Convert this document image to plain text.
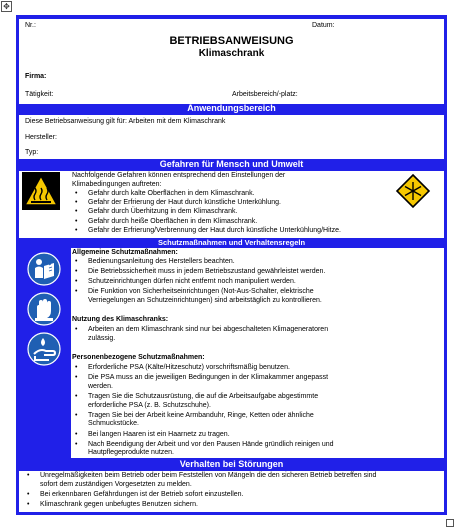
✥
Nr.:	Datum:
BETRIEBSANWEISUNG
Klimaschrank
Firma:
Tätigkeit:	Arbeitsbereich/-platz:
Anwendungsbereich
Diese Betriebsanweisung gilt für: Arbeiten mit dem Klimaschrank
Hersteller:
Typ:
Gefahren für Mensch und Umwelt
Nachfolgende Gefahren können entsprechend den Einstellungen der
Klimabedingungen auftreten:
• Gefahr durch kalte Oberflächen in dem Klimaschrank.
• Gefahr der Erfrierung der Haut durch künstliche Unterkühlung.
• Gefahr durch Überhitzung in dem Klimaschrank.
• Gefahr durch heiße Oberflächen in dem Klimaschrank.
• Gefahr der Erfrierung/Verbrennung der Haut durch künstliche Unterkühlung/Hitze.
Schutzmaßnahmen und Verhaltensregeln
Allgemeine Schutzmaßnahmen:
• Bedienungsanleitung des Herstellers beachten.
• Die Betriebssicherheit muss in jedem Betriebszustand gewährleistet werden.
• Schutzeinrichtungen dürfen nicht entfernt noch manipuliert werden.
• Die Funktion von Sicherheitseinrichtungen (Not-Aus-Schalter, elektrische
Verriegelungen an Schutzeinrichtungen) sind arbeitstäglich zu kontrollieren.
Nutzung des Klimaschranks:
• Arbeiten an dem Klimaschrank sind nur bei abgeschalteten Klimageneratoren
zulässig.
Personenbezogene Schutzmaßnahmen:
• Erforderliche PSA (Kälte/Hitzeschutz) vorschriftsmäßig benutzen.
• Die PSA muss an die jeweiligen Bedingungen in der Klimakammer angepasst
werden.
• Tragen Sie die Schutzausrüstung, die auf die Arbeitsaufgabe abgestimmte
erforderliche PSA (z. B. Schutzschuhe).
• Tragen Sie bei der Arbeit keine Armbanduhr, Ringe, Ketten oder ähnliche
Schmuckstücke.
• Bei langen Haaren ist ein Haarnetz zu tragen.
• Nach Beendigung der Arbeit und vor den Pausen Hände gründlich reinigen und
Hautpflegeprodukte nutzen.
Verhalten bei Störungen
• Unregelmäßigkeiten beim Betrieb oder beim Feststellen von Mängeln die den sicheren Betrieb betreffen sind
sofort dem zuständigen Vorgesetzten zu melden.
• Bei erkennbaren Gefährdungen ist der Betrieb sofort einzustellen.
• Klimaschrank gegen unbefugtes Benutzen sichern.
